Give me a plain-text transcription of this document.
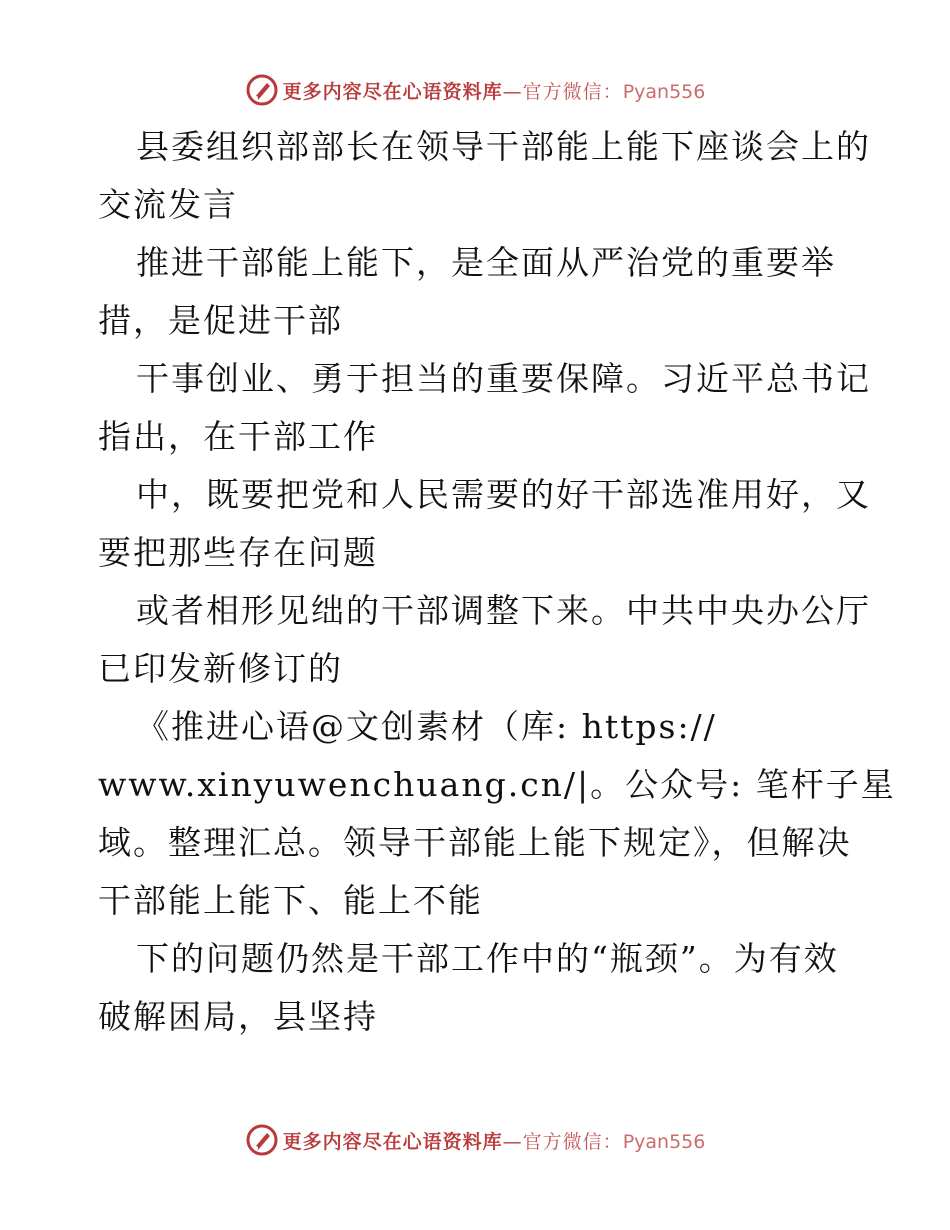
更多内容尽在心语资料库—官方微信：Pyan556
县委组织部部长在领导干部能上能下座谈会上的
交流发言
推进干部能上能下，是全面从严治党的重要举
措，是促进干部
干事创业、勇于担当的重要保障。习近平总书记
指出，在干部工作
中，既要把党和人民需要的好干部选准用好，又
要把那些存在问题
或者相形见绌的干部调整下来。中共中央办公厅
已印发新修订的
《推进心语@文创素材（库: https://
www.xinyuwenchuang.cn/|。公众号: 笔杆子星
域。整理汇总。领导干部能上能下规定》，但解决
干部能上能下、能上不能
下的问题仍然是干部工作中的“瓶颈”。为有效
破解困局，县坚持
更多内容尽在心语资料库—官方微信：Pyan556
